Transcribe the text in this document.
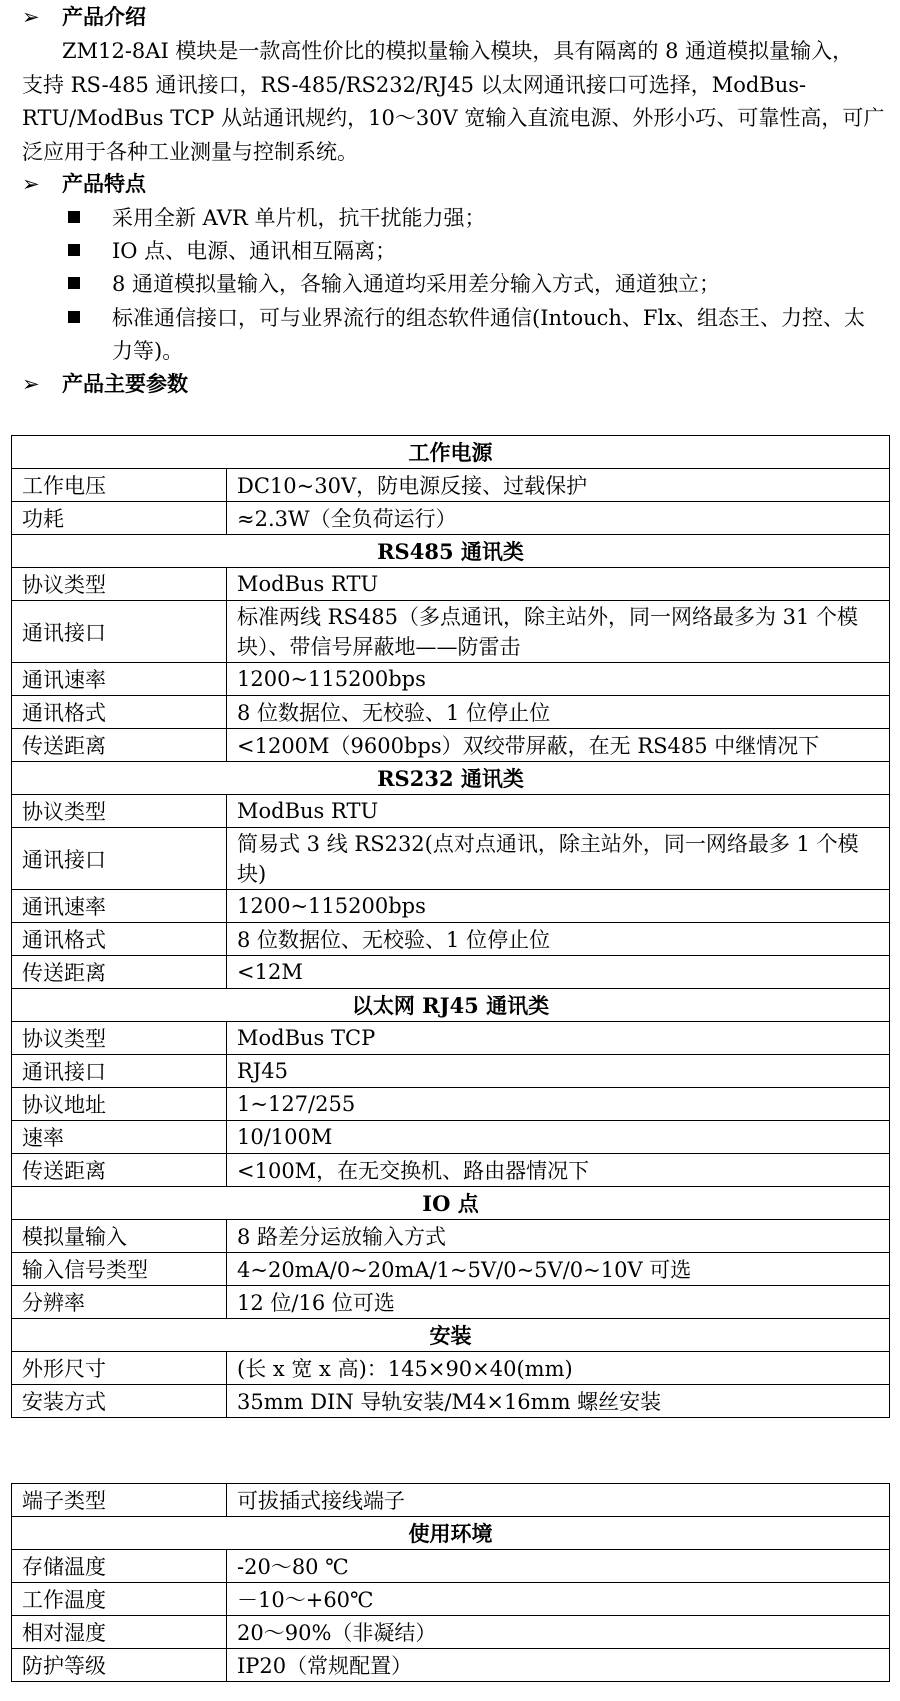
➢ 产品介绍
ZM12-8AI 模块是一款高性价比的模拟量输入模块，具有隔离的 8 通道模拟量输入，
支持 RS-485 通讯接口，RS-485/RS232/RJ45 以太网通讯接口可选择，ModBus-
RTU/ModBus TCP 从站通讯规约，10～30V 宽输入直流电源、外形小巧、可靠性高，可广
泛应用于各种工业测量与控制系统。
➢ 产品特点
采用全新 AVR 单片机，抗干扰能力强；
IO 点、电源、通讯相互隔离；
8 通道模拟量输入，各输入通道均采用差分输入方式，通道独立；
标准通信接口，可与业界流行的组态软件通信(Intouch、Flx、组态王、力控、太
力等)。
➢ 产品主要参数
工作电源	
工作电压	DC10~30V，防电源反接、过载保护
功耗	≈2.3W（全负荷运行）
RS485 通讯类	
协议类型	ModBus RTU
通讯接口	标准两线 RS485（多点通讯，除主站外，同一网络最多为 31 个模
块）、带信号屏蔽地——防雷击

通讯速率	1200~115200bps
通讯格式	8 位数据位、无校验、1 位停止位
传送距离	<1200M（9600bps）双绞带屏蔽，在无 RS485 中继情况下
RS232 通讯类	
协议类型	ModBus RTU
通讯接口	简易式 3 线 RS232(点对点通讯，除主站外，同一网络最多 1 个模
块)

通讯速率	1200~115200bps
通讯格式	8 位数据位、无校验、1 位停止位
传送距离	<12M
以太网 RJ45 通讯类	
协议类型	ModBus TCP
通讯接口	RJ45
协议地址	1~127/255
速率	10/100M
传送距离	<100M，在无交换机、路由器情况下
IO 点	
模拟量输入	8 路差分运放输入方式
输入信号类型	4~20mA/0~20mA/1~5V/0~5V/0~10V 可选
分辨率	12 位/16 位可选
安装	
外形尺寸	(长 x 宽 x 高)：145×90×40(mm)
安装方式	35mm DIN 导轨安装/M4×16mm 螺丝安装
端子类型	可拔插式接线端子
使用环境	
存储温度	-20～80 ℃
工作温度	－10～+60℃
相对湿度	20～90%（非凝结）
防护等级	IP20（常规配置）
